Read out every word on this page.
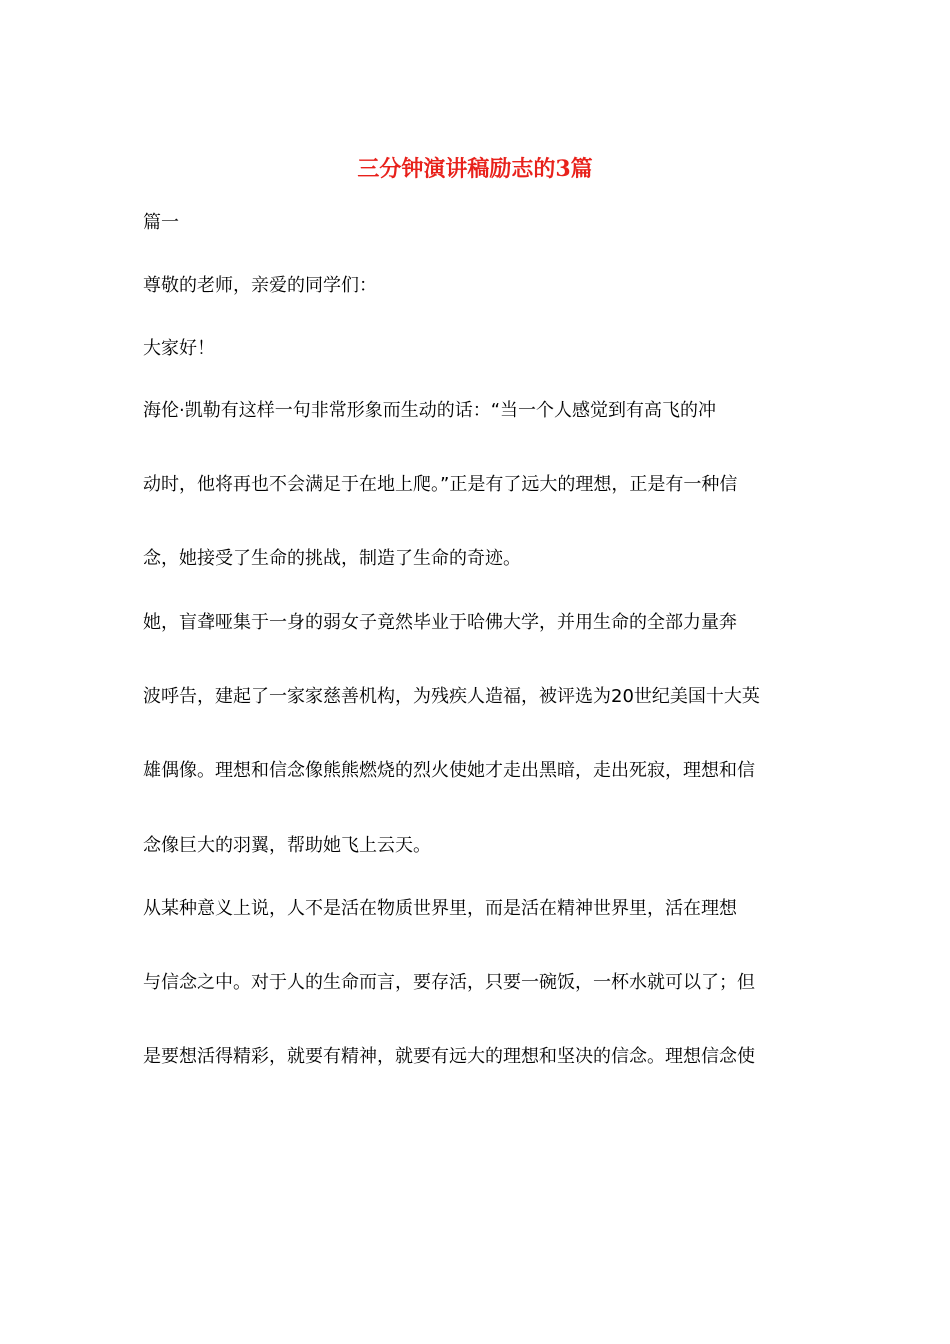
三分钟演讲稿励志的3篇
篇一
尊敬的老师，亲爱的同学们：
大家好！
海伦·凯勒有这样一句非常形象而生动的话：“当一个人感觉到有高飞的冲
动时，他将再也不会满足于在地上爬。”正是有了远大的理想，正是有一种信
念，她接受了生命的挑战，制造了生命的奇迹。
她，盲聋哑集于一身的弱女子竟然毕业于哈佛大学，并用生命的全部力量奔
波呼告，建起了一家家慈善机构，为残疾人造福，被评选为20世纪美国十大英
雄偶像。理想和信念像熊熊燃烧的烈火使她才走出黑暗，走出死寂，理想和信
念像巨大的羽翼，帮助她飞上云天。
从某种意义上说，人不是活在物质世界里，而是活在精神世界里，活在理想
与信念之中。对于人的生命而言，要存活，只要一碗饭，一杯水就可以了；但
是要想活得精彩，就要有精神，就要有远大的理想和坚决的信念。理想信念使
